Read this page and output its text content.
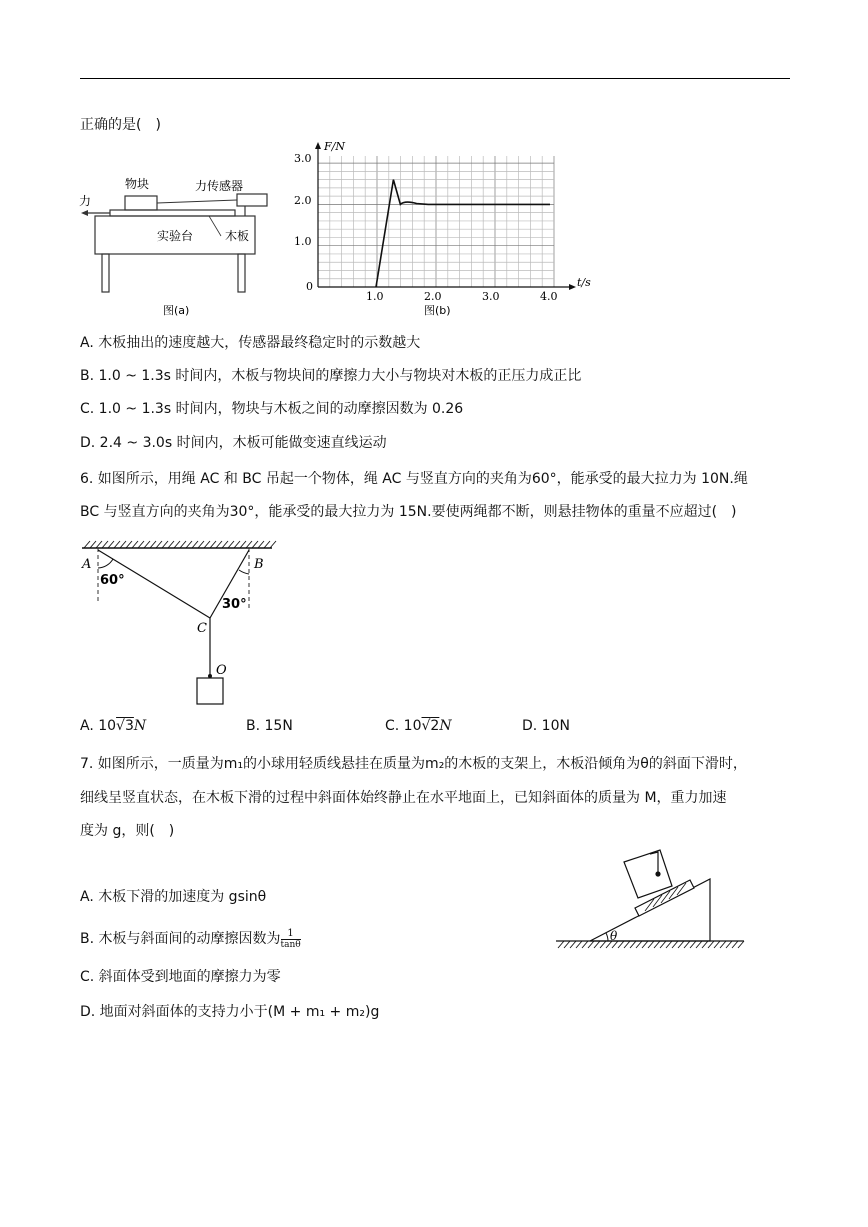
正确的是(　)
物块	力传感器
力
实验台	木板
图(a)
F/N
t/s
3.0
2.0
1.0
0
1.0	2.0	3.0	4.0
图(b)
A. 木板抽出的速度越大，传感器最终稳定时的示数越大
B. 1.0 ~ 1.3s 时间内，木板与物块间的摩擦力大小与物块对木板的正压力成正比
C. 1.0 ~ 1.3s 时间内，物块与木板之间的动摩擦因数为 0.26
D. 2.4 ~ 3.0s 时间内，木板可能做变速直线运动
6. 如图所示，用绳 AC 和 BC 吊起一个物体，绳 AC 与竖直方向的夹角为60°，能承受的最大拉力为 10N.绳
BC 与竖直方向的夹角为30°，能承受的最大拉力为 15N.要使两绳都不断，则悬挂物体的重量不应超过(　)
A	B
C
O
60°
30°
A. 10√3N	B. 15N	C. 10√2N	D. 10N
7. 如图所示，一质量为m₁的小球用轻质线悬挂在质量为m₂的木板的支架上，木板沿倾角为θ的斜面下滑时，
细线呈竖直状态，在木板下滑的过程中斜面体始终静止在水平地面上，已知斜面体的质量为 M，重力加速
度为 g，则(　)
θ
A. 木板下滑的加速度为 gsinθ
B. 木板与斜面间的动摩擦因数为 $\frac{1}{\tan\theta}$
C. 斜面体受到地面的摩擦力为零
D. 地面对斜面体的支持力小于(M + m₁ + m₂)g
